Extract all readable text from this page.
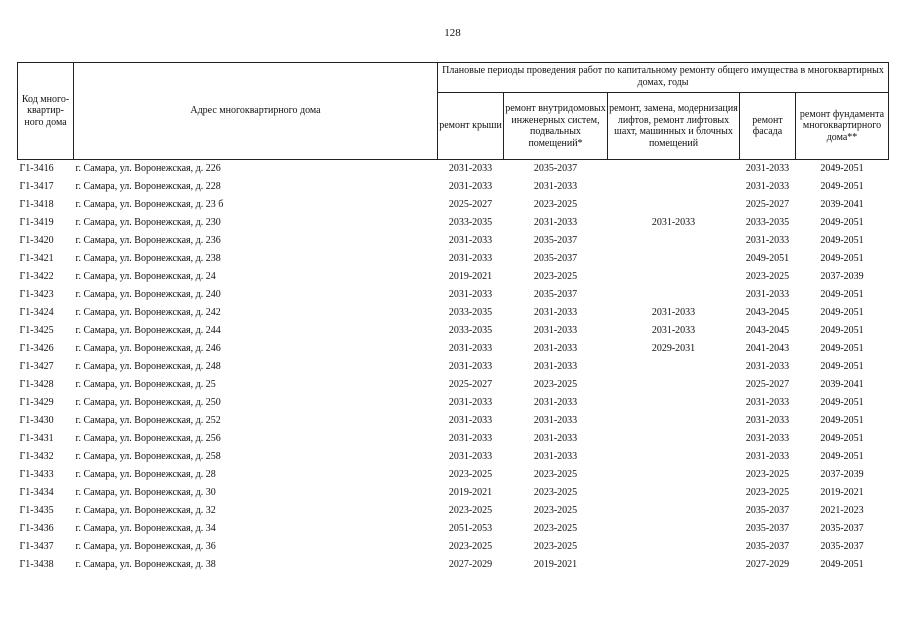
128
Код много-квартир-ного дома	Адрес многоквартирного дома	Плановые периоды проведения работ по капитальному ремонту общего имущества в многоквартирных домах, годы				
		ремонт крыши	ремонт внутридомовых инженерных систем, подвальных помещений*	ремонт, замена, модернизация лифтов, ремонт лифтовых шахт, машинных и блочных помещений	ремонт фасада	ремонт фундамента многоквартирного дома**
Г1-3416	г. Самара, ул. Воронежская, д. 226	2031-2033	2035-2037		2031-2033	2049-2051
Г1-3417	г. Самара, ул. Воронежская, д. 228	2031-2033	2031-2033		2031-2033	2049-2051
Г1-3418	г. Самара, ул. Воронежская, д. 23 б	2025-2027	2023-2025		2025-2027	2039-2041
Г1-3419	г. Самара, ул. Воронежская, д. 230	2033-2035	2031-2033	2031-2033	2033-2035	2049-2051
Г1-3420	г. Самара, ул. Воронежская, д. 236	2031-2033	2035-2037		2031-2033	2049-2051
Г1-3421	г. Самара, ул. Воронежская, д. 238	2031-2033	2035-2037		2049-2051	2049-2051
Г1-3422	г. Самара, ул. Воронежская, д. 24	2019-2021	2023-2025		2023-2025	2037-2039
Г1-3423	г. Самара, ул. Воронежская, д. 240	2031-2033	2035-2037		2031-2033	2049-2051
Г1-3424	г. Самара, ул. Воронежская, д. 242	2033-2035	2031-2033	2031-2033	2043-2045	2049-2051
Г1-3425	г. Самара, ул. Воронежская, д. 244	2033-2035	2031-2033	2031-2033	2043-2045	2049-2051
Г1-3426	г. Самара, ул. Воронежская, д. 246	2031-2033	2031-2033	2029-2031	2041-2043	2049-2051
Г1-3427	г. Самара, ул. Воронежская, д. 248	2031-2033	2031-2033		2031-2033	2049-2051
Г1-3428	г. Самара, ул. Воронежская, д. 25	2025-2027	2023-2025		2025-2027	2039-2041
Г1-3429	г. Самара, ул. Воронежская, д. 250	2031-2033	2031-2033		2031-2033	2049-2051
Г1-3430	г. Самара, ул. Воронежская, д. 252	2031-2033	2031-2033		2031-2033	2049-2051
Г1-3431	г. Самара, ул. Воронежская, д. 256	2031-2033	2031-2033		2031-2033	2049-2051
Г1-3432	г. Самара, ул. Воронежская, д. 258	2031-2033	2031-2033		2031-2033	2049-2051
Г1-3433	г. Самара, ул. Воронежская, д. 28	2023-2025	2023-2025		2023-2025	2037-2039
Г1-3434	г. Самара, ул. Воронежская, д. 30	2019-2021	2023-2025		2023-2025	2019-2021
Г1-3435	г. Самара, ул. Воронежская, д. 32	2023-2025	2023-2025		2035-2037	2021-2023
Г1-3436	г. Самара, ул. Воронежская, д. 34	2051-2053	2023-2025		2035-2037	2035-2037
Г1-3437	г. Самара, ул. Воронежская, д. 36	2023-2025	2023-2025		2035-2037	2035-2037
Г1-3438	г. Самара, ул. Воронежская, д. 38	2027-2029	2019-2021		2027-2029	2049-2051
